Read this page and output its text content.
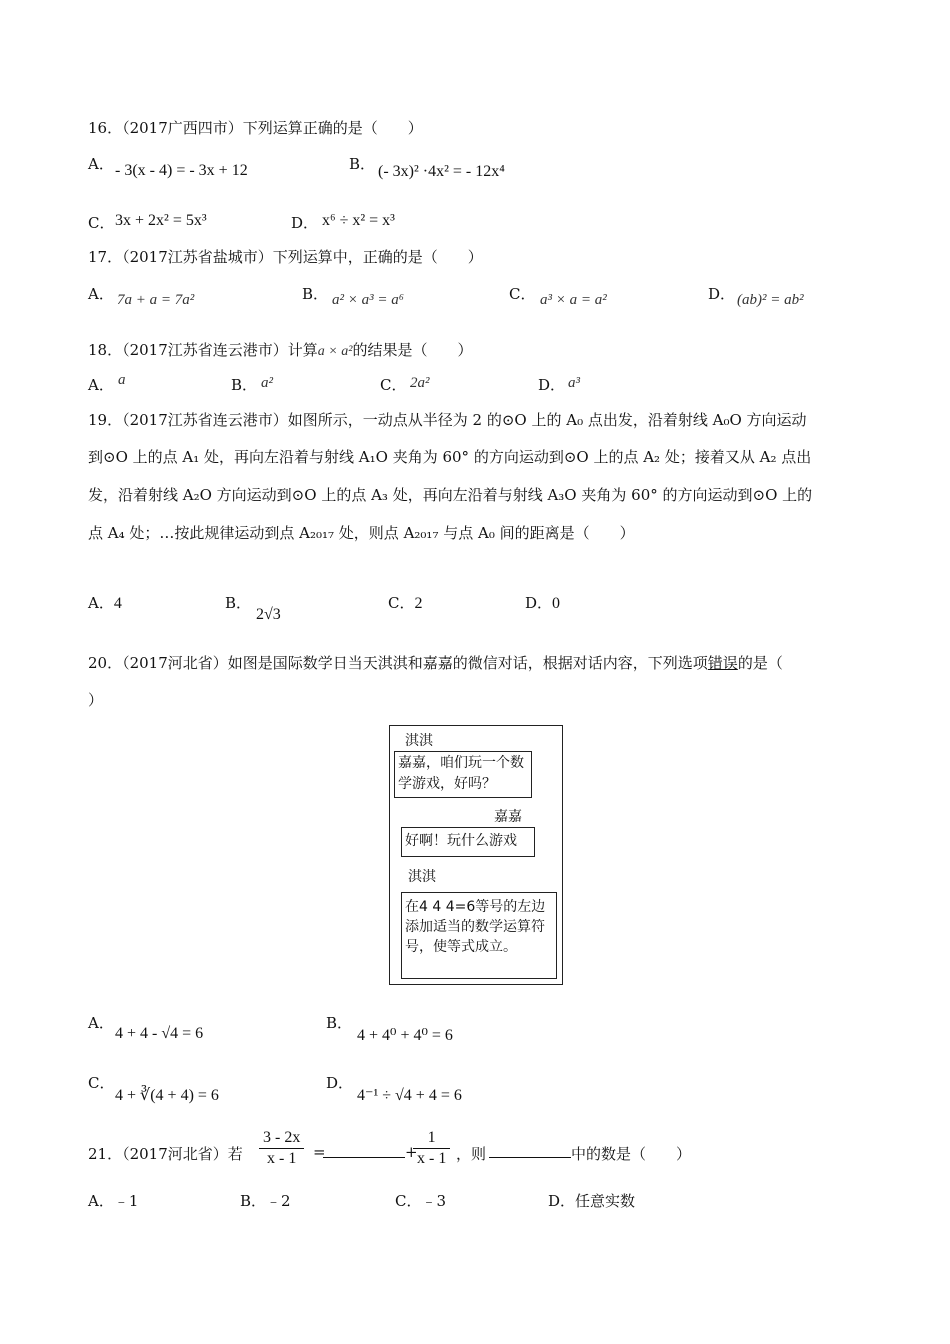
16．（2017广西四市）下列运算正确的是（　　）
A． - 3(x - 4) = - 3x + 12	B． (- 3x)² ·4x² = - 12x⁴
C． 3x + 2x² = 5x³	D． x⁶ ÷ x² = x³
17．（2017江苏省盐城市）下列运算中，正确的是（　　）
A． 7a + a = 7a²	B． a² × a³ = a⁶	C． a³ × a = a²	D． (ab)² = ab²
18．（2017江苏省连云港市）计算a × a²的结果是（　　）
A． a	B． a²	C． 2a²	D． a³
19．（2017江苏省连云港市）如图所示，一动点从半径为 2 的⊙O 上的 A₀ 点出发，沿着射线 A₀O 方向运动
到⊙O 上的点 A₁ 处，再向左沿着与射线 A₁O 夹角为 60° 的方向运动到⊙O 上的点 A₂ 处；接着又从 A₂ 点出
发，沿着射线 A₂O 方向运动到⊙O 上的点 A₃ 处，再向左沿着与射线 A₃O 夹角为 60° 的方向运动到⊙O 上的
点 A₄ 处；…按此规律运动到点 A₂₀₁₇ 处，则点 A₂₀₁₇ 与点 A₀ 间的距离是（　　）
A．4	B．
2√3
C．2	D．0
20．（2017河北省）如图是国际数学日当天淇淇和嘉嘉的微信对话，根据对话内容，下列选项错误的是（
）
淇淇
嘉嘉，咱们玩一个数学游戏，好吗？
嘉嘉
好啊！玩什么游戏
淇淇
在4 4 4=6等号的左边添加适当的数学运算符号，使等式成立。
A．
4 + 4 - √4 = 6
B．
4 + 4⁰ + 4⁰ = 6
C．
4 + ∛(4 + 4) = 6
D．
4⁻¹ ÷ √4 + 4 = 6
21．（2017河北省）若 $\frac{3 - 2x}{x - 1}$ =	+
$\frac{1}{x - 1}$ ，则	中的数是（　　）
A．﹣1	B．﹣2	C．﹣3	D．任意实数
